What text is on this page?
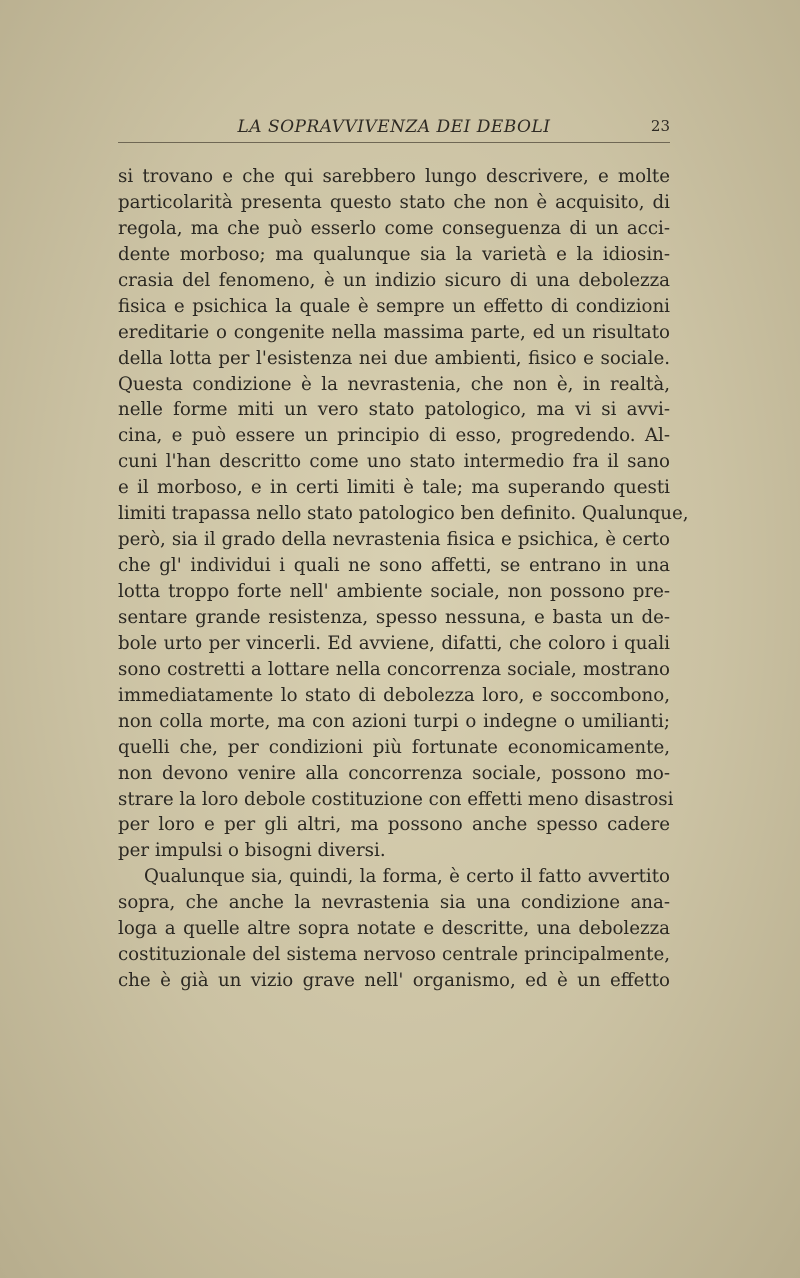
LA SOPRAVVIVENZA DEI DEBOLI	23
si trovano e che qui sarebbero lungo descrivere, e molte
particolarità presenta questo stato che non è acquisito, di
regola, ma che può esserlo come conseguenza di un acci-
dente morboso; ma qualunque sia la varietà e la idiosin-
crasia del fenomeno, è un indizio sicuro di una debolezza
fisica e psichica la quale è sempre un effetto di condizioni
ereditarie o congenite nella massima parte, ed un risultato
della lotta per l'esistenza nei due ambienti, fisico e sociale.
Questa condizione è la nevrastenia, che non è, in realtà,
nelle forme miti un vero stato patologico, ma vi si avvi-
cina, e può essere un principio di esso, progredendo. Al-
cuni l'han descritto come uno stato intermedio fra il sano
e il morboso, e in certi limiti è tale; ma superando questi
limiti trapassa nello stato patologico ben definito. Qualunque,
però, sia il grado della nevrastenia fisica e psichica, è certo
che gl' individui i quali ne sono affetti, se entrano in una
lotta troppo forte nell' ambiente sociale, non possono pre-
sentare grande resistenza, spesso nessuna, e basta un de-
bole urto per vincerli. Ed avviene, difatti, che coloro i quali
sono costretti a lottare nella concorrenza sociale, mostrano
immediatamente lo stato di debolezza loro, e soccombono,
non colla morte, ma con azioni turpi o indegne o umilianti;
quelli che, per condizioni più fortunate economicamente,
non devono venire alla concorrenza sociale, possono mo-
strare la loro debole costituzione con effetti meno disastrosi
per loro e per gli altri, ma possono anche spesso cadere
per impulsi o bisogni diversi.
Qualunque sia, quindi, la forma, è certo il fatto avvertito
sopra, che anche la nevrastenia sia una condizione ana-
loga a quelle altre sopra notate e descritte, una debolezza
costituzionale del sistema nervoso centrale principalmente,
che è già un vizio grave nell' organismo, ed è un effetto
